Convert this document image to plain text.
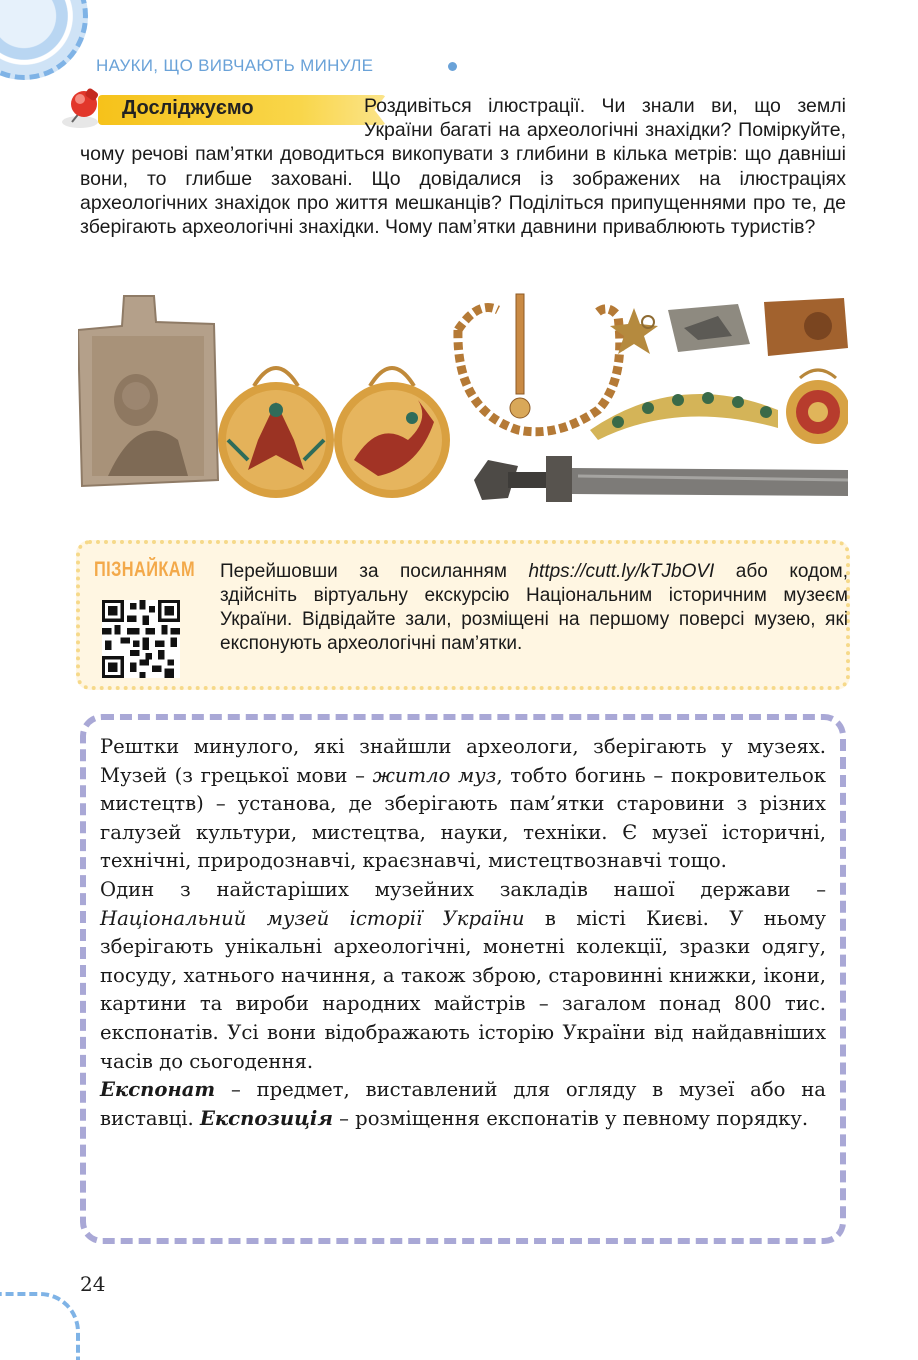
НАУКИ, ЩО ВИВЧАЮТЬ МИНУЛЕ
Досліджуємо	Роздивіться ілюстрації. Чи знали ви, що землі України багаті на археологічні знахідки? Поміркуйте, чому речові пам’ятки доводиться викопувати з глибини в кілька метрів: що давніші вони, то глибше заховані. Що довідалися із зображених на ілюстраціях археологічних знахідок про життя мешканців? Поділіться припущеннями про те, де зберігають археологічні знахідки. Чому пам’ятки давнини приваблюють туристів?
ПІЗНАЙКАМ Перейшовши за посиланням https://cutt.ly/kTJbOVI або кодом, здійсніть віртуальну екскурсію Національним історичним музеєм України. Відвідайте зали, розміщені на першому поверсі музею, які експонують археологічні пам’ятки.

Рештки минулого, які знайшли археологи, зберігають у музеях. Музей (з грецької мови – житло муз, тобто богинь – покровительок мистецтв) – установа, де зберігають пам’ятки старовини з різних галузей культури, мистецтва, науки, техніки. Є музеї історичні, технічні, природознавчі, краєзнавчі, мистецтвознавчі тощо.

Один з найстаріших музейних закладів нашої держави – Національний музей історії України в місті Києві. У ньому зберігають унікальні археологічні, монетні колекції, зразки одягу, посуду, хатнього начиння, а також зброю, старовинні книжки, ікони, картини та вироби народних майстрів – загалом понад 800 тис. експонатів. Усі вони відображають історію України від найдавніших часів до сьогодення.

Експонат – предмет, виставлений для огляду в музеї або на виставці. Експозиція – розміщення експонатів у певному порядку.

24
